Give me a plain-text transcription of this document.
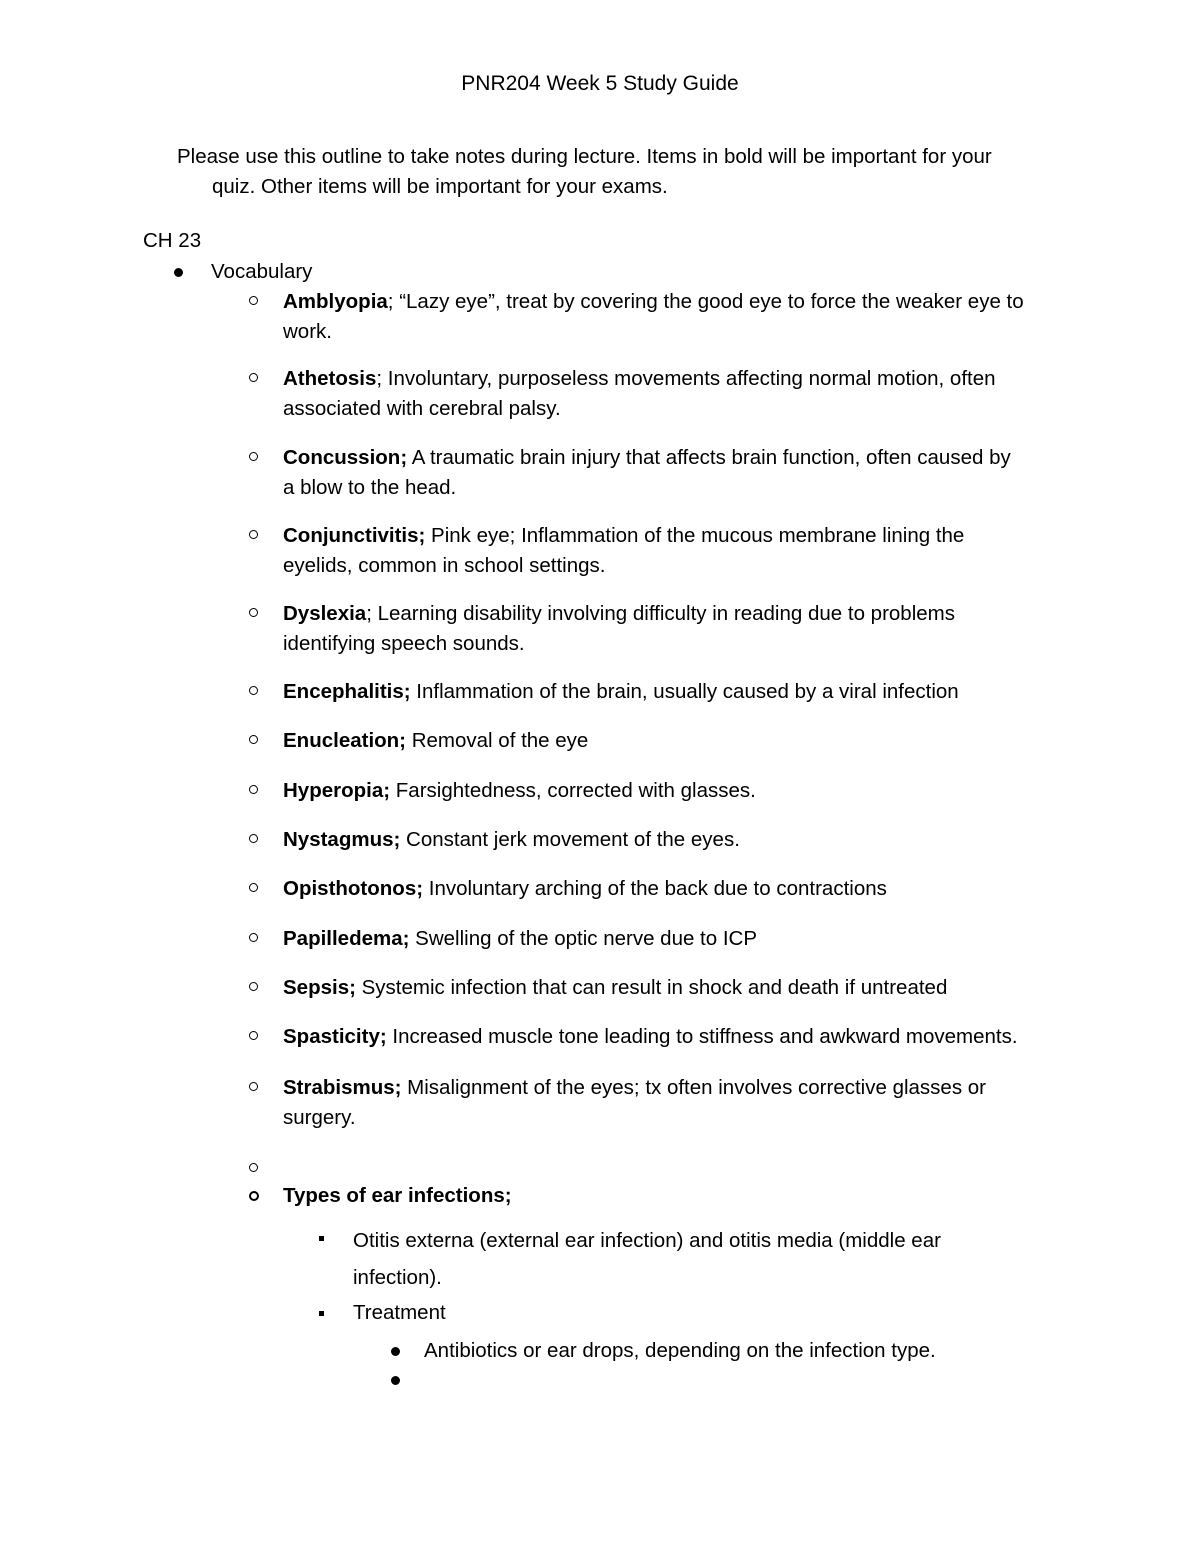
PNR204 Week 5 Study Guide
Please use this outline to take notes during lecture. Items in bold will be important for your
quiz. Other items will be important for your exams.
CH 23
Vocabulary
Amblyopia; “Lazy eye”, treat by covering the good eye to force the weaker eye to
work.
Athetosis; Involuntary, purposeless movements affecting normal motion, often
associated with cerebral palsy.
Concussion; A traumatic brain injury that affects brain function, often caused by
a blow to the head.
Conjunctivitis; Pink eye; Inflammation of the mucous membrane lining the
eyelids, common in school settings.
Dyslexia; Learning disability involving difficulty in reading due to problems
identifying speech sounds.
Encephalitis; Inflammation of the brain, usually caused by a viral infection
Enucleation; Removal of the eye
Hyperopia; Farsightedness, corrected with glasses.
Nystagmus; Constant jerk movement of the eyes.
Opisthotonos; Involuntary arching of the back due to contractions
Papilledema; Swelling of the optic nerve due to ICP
Sepsis; Systemic infection that can result in shock and death if untreated
Spasticity; Increased muscle tone leading to stiffness and awkward movements.
Strabismus; Misalignment of the eyes; tx often involves corrective glasses or
surgery.
Types of ear infections;
Otitis externa (external ear infection) and otitis media (middle ear
infection).
Treatment
Antibiotics or ear drops, depending on the infection type.
